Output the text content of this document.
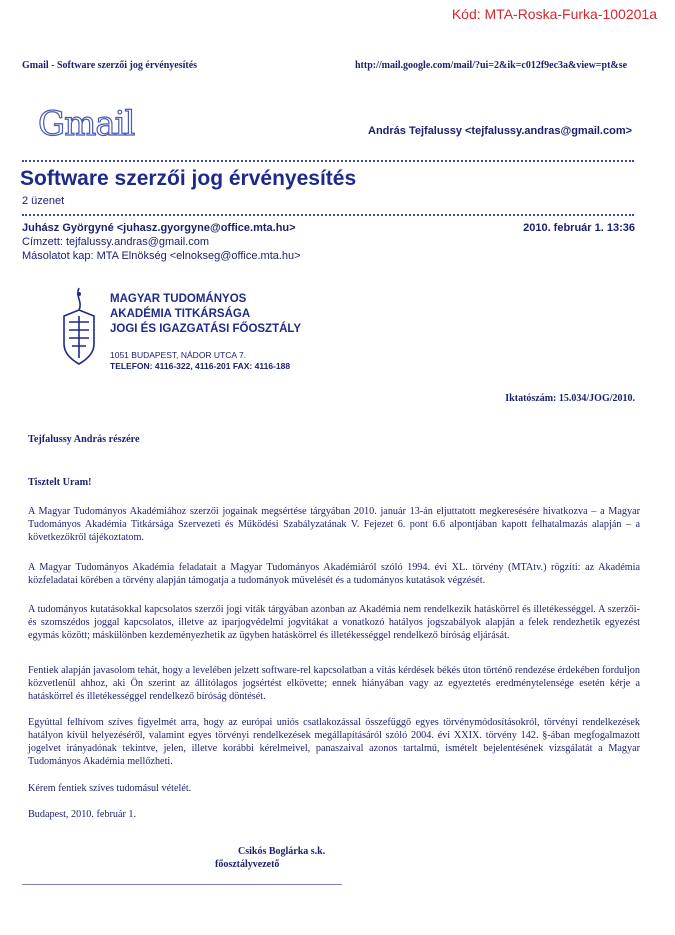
Kód: MTA-Roska-Furka-100201a
Gmail - Software szerzői jog érvényesítés	http://mail.google.com/mail/?ui=2&ik=c012f9ec3a&view=pt&se
Gmail	András Tejfalussy <tejfalussy.andras@gmail.com>
Software szerzői jog érvényesítés
2 üzenet
Juhász Györgyné <juhasz.gyorgyne@office.mta.hu>	2010. február 1. 13:36
Címzett: tejfalussy.andras@gmail.com
Másolatot kap: MTA Elnökség <elnokseg@office.mta.hu>
MAGYAR TUDOMÁNYOS
AKADÉMIA TITKÁRSÁGA
JOGI ÉS IGAZGATÁSI FŐOSZTÁLY
1051 BUDAPEST, NÁDOR UTCA 7.
TELEFON: 4116-322, 4116-201 FAX: 4116-188
Iktatószám: 15.034/JOG/2010.
Tejfalussy András részére
Tisztelt Uram!
A Magyar Tudományos Akadémiához szerzői jogainak megsértése tárgyában 2010. január 13-án eljuttatott megkeresésére hivatkozva – a Magyar Tudományos Akadémia Titkársága Szervezeti és Működési Szabályzatának V. Fejezet 6. pont 6.6 alpontjában kapott felhatalmazás alapján – a következőkről tájékoztatom.
A Magyar Tudományos Akadémia feladatait a Magyar Tudományos Akadémiáról szóló 1994. évi XL. törvény (MTAtv.) rögzíti: az Akadémia közfeladatai körében a törvény alapján támogatja a tudományok művelését és a tudományos kutatások végzését.
A tudományos kutatásokkal kapcsolatos szerzői jogi viták tárgyában azonban az Akadémia nem rendelkezik hatáskörrel és illetékességgel. A szerzői- és szomszédos joggal kapcsolatos, illetve az iparjogvédelmi jogvitákat a vonatkozó hatályos jogszabályok alapján a felek rendezhetik egyezést egymás között; máskülönben kezdeményezhetik az ügyben hatáskörrel és illetékességgel rendelkező bíróság eljárását.
Fentiek alapján javasolom tehát, hogy a levelében jelzett software-rel kapcsolatban a vitás kérdések békés úton történő rendezése érdekében forduljon közvetlenül ahhoz, aki Ön szerint az állítólagos jogsértést elkövette; ennek hiányában vagy az egyeztetés eredménytelensége esetén kérje a hatáskörrel és illetékességgel rendelkező bíróság döntését.
Egyúttal felhívom szíves figyelmét arra, hogy az európai uniós csatlakozással összefüggő egyes törvénymódosításokról, törvényi rendelkezések hatályon kívül helyezéséről, valamint egyes törvényi rendelkezések megállapításáról szóló 2004. évi XXIX. törvény 142. §-ában megfogalmazott jogelvet irányadónak tekintve, jelen, illetve korábbi kérelmeivel, panaszaival azonos tartalmú, ismételt bejelentésének vizsgálatát a Magyar Tudományos Akadémia mellőzheti.
Kérem fentiek szíves tudomásul vételét.
Budapest, 2010. február 1.
Csikós Boglárka s.k.
főosztályvezető
